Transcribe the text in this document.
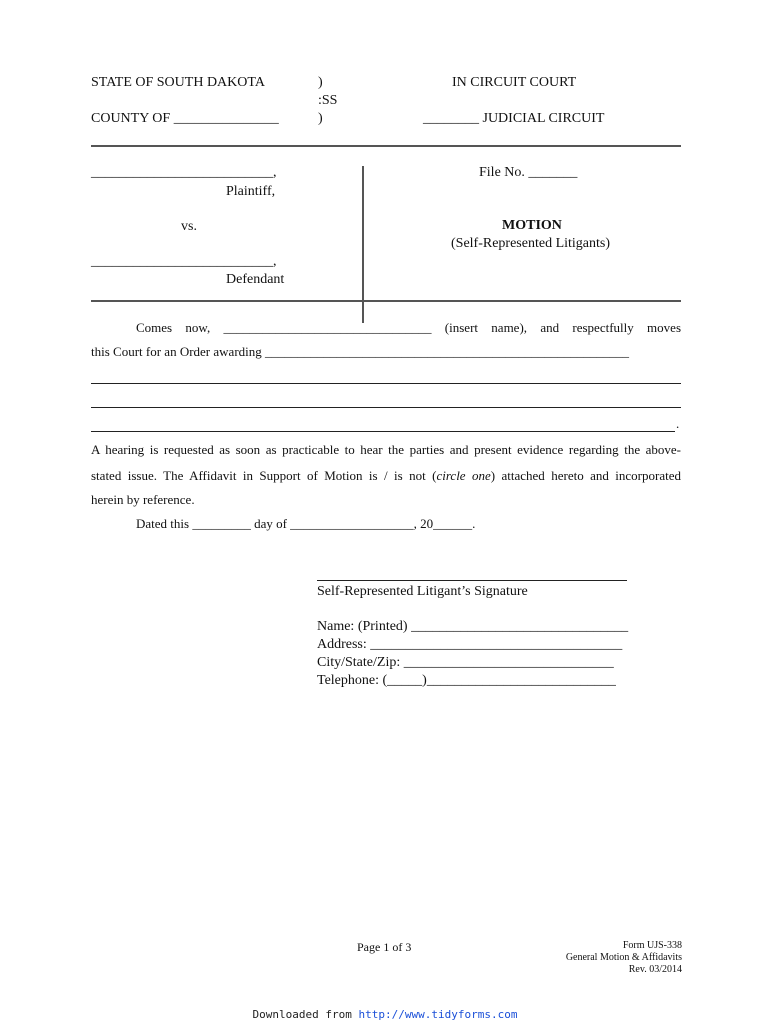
STATE OF SOUTH DAKOTA
COUNTY OF _______________
)
:SS
)
IN CIRCUIT COURT
________ JUDICIAL CIRCUIT
__________________________,
Plaintiff,
vs.
__________________________,
Defendant
File No. _______
MOTION
(Self-Represented Litigants)
Comes now, ________________________________ (insert name), and respectfully moves
this Court for an Order awarding ________________________________________________________
.
A hearing is requested as soon as practicable to hear the parties and present evidence regarding the above-
stated issue. The Affidavit in Support of Motion is / is not (circle one) attached hereto and incorporated
herein by reference.
Dated this _________ day of ___________________, 20______.
Self-Represented Litigant’s Signature
Name: (Printed) _______________________________
Address: ____________________________________
City/State/Zip: ______________________________
Telephone: (_____)___________________________
Page 1 of 3	Form UJS-338
General Motion & Affidavits
Rev. 03/2014
Downloaded from http://www.tidyforms.com
